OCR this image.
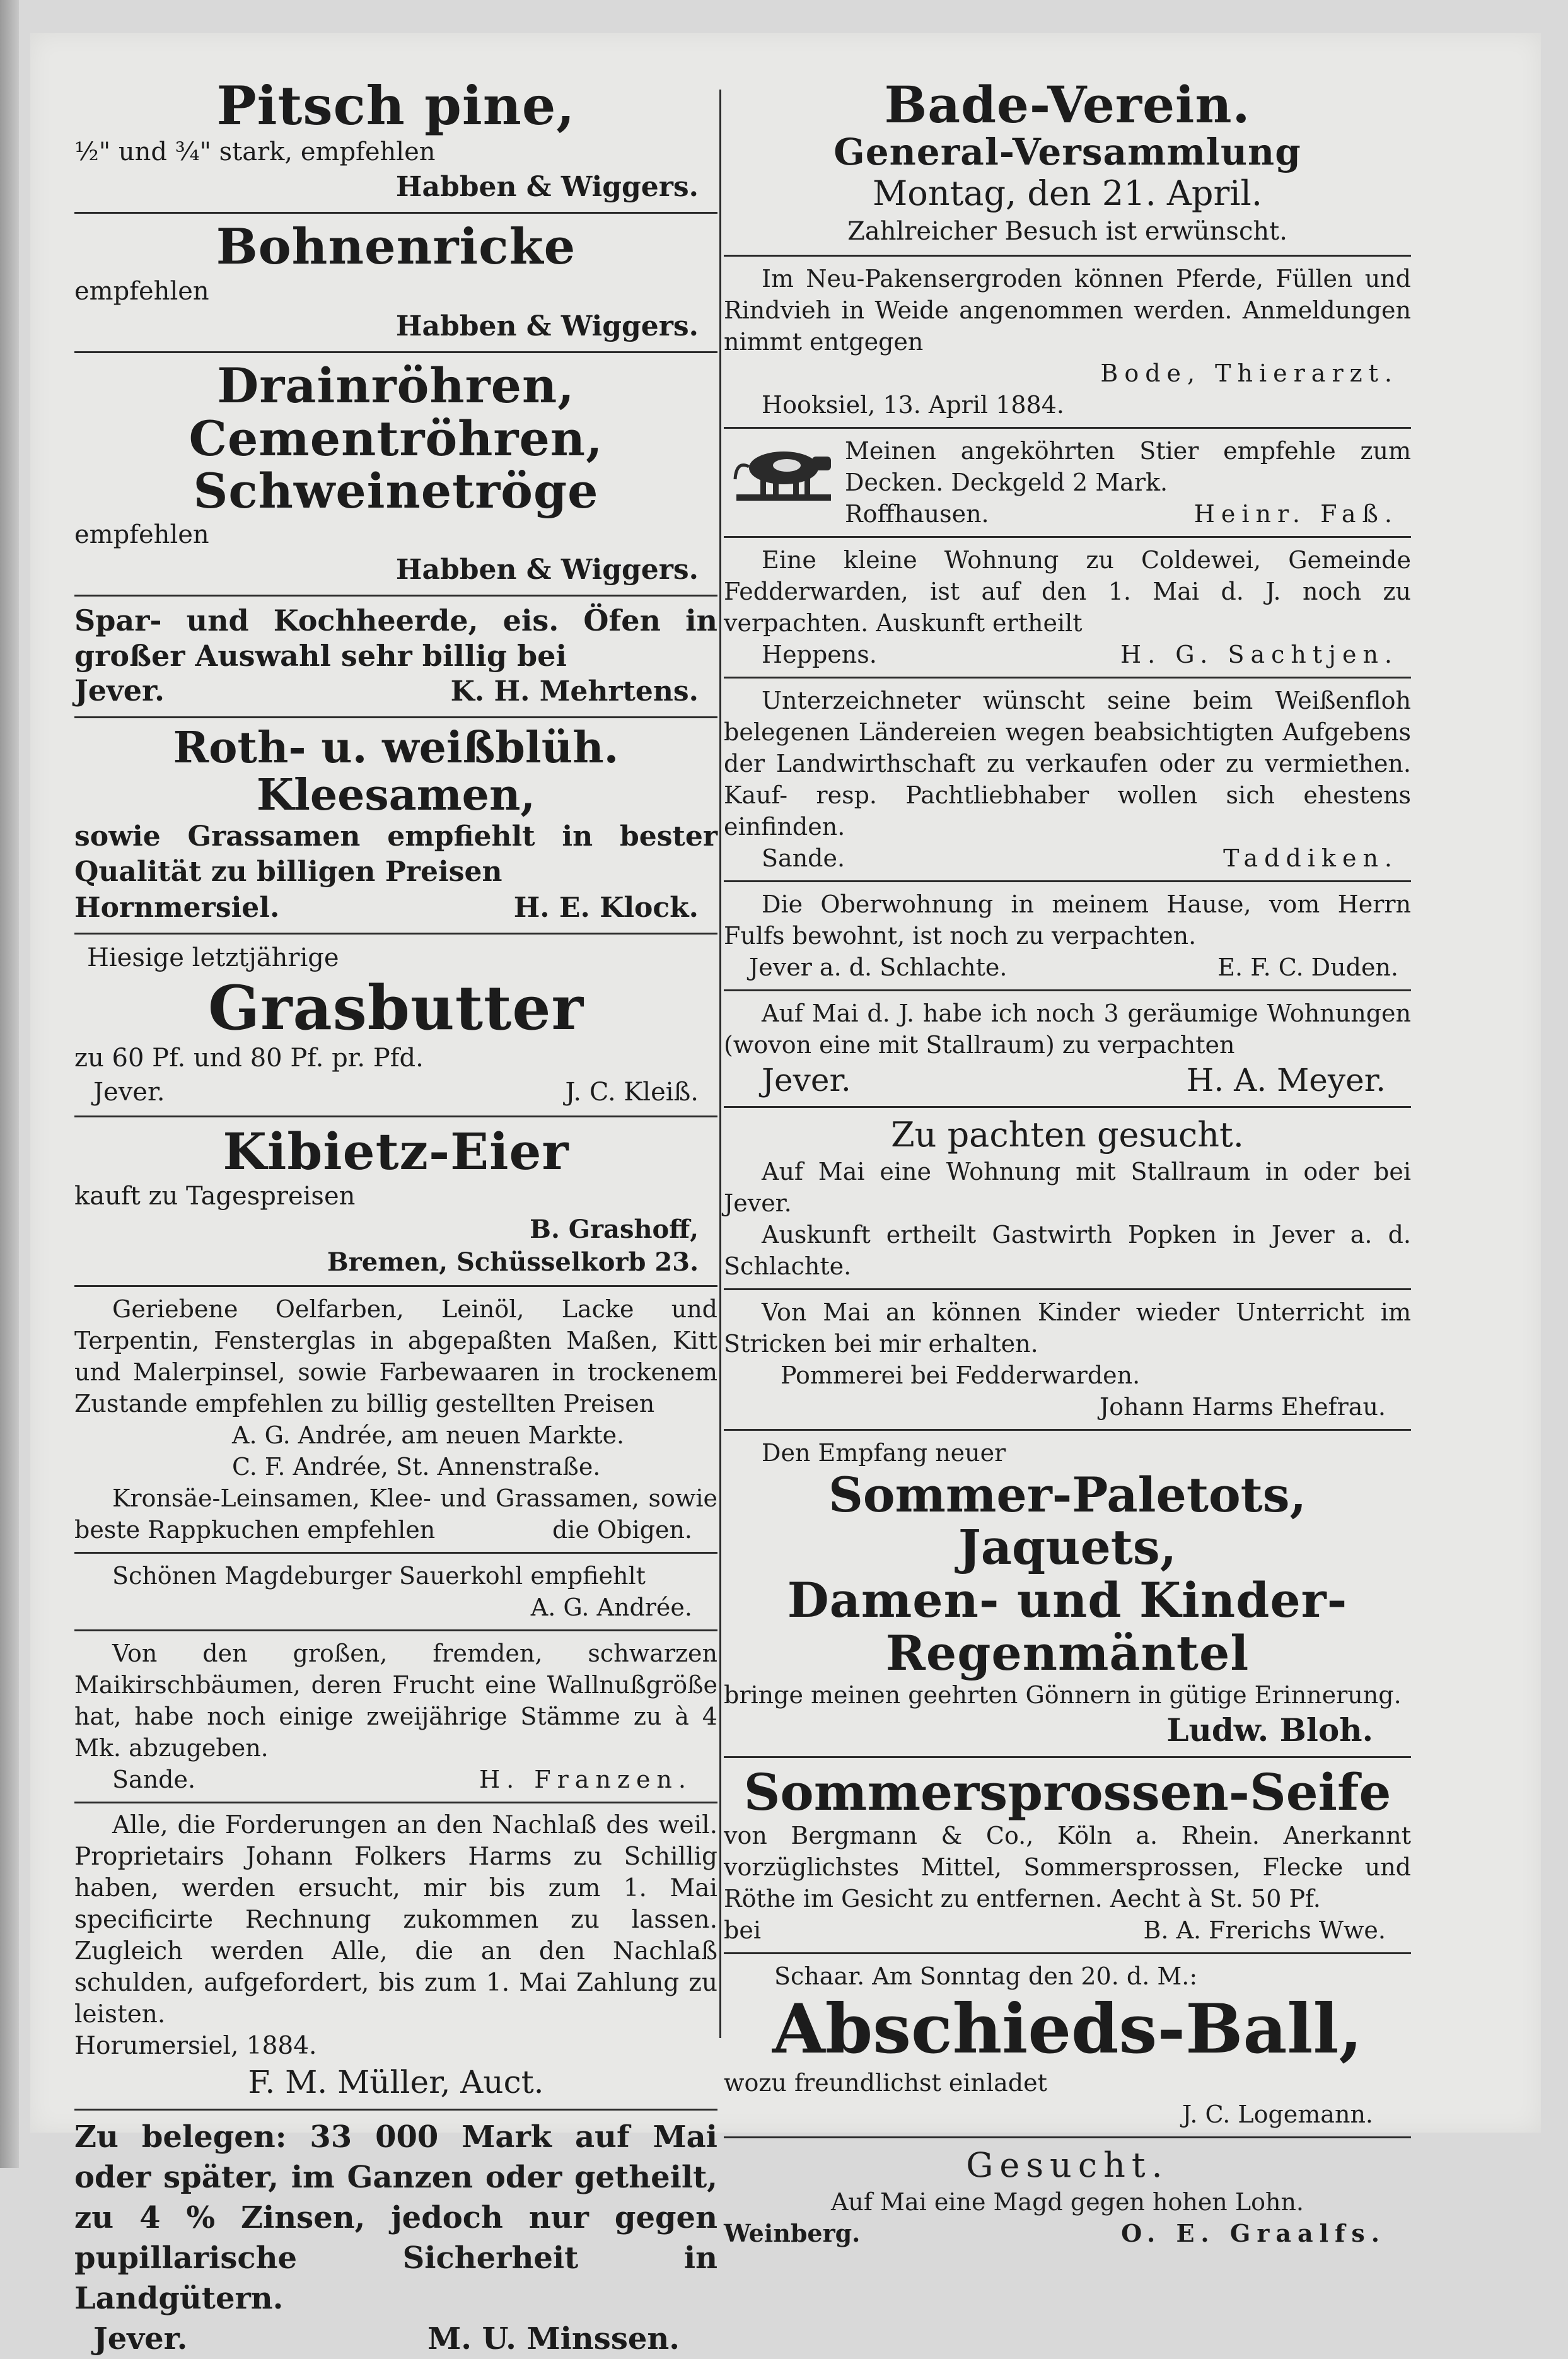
Pitsch pine,
½" und ¾" stark, empfehlen
Habben & Wiggers.
Bohnenricke
empfehlen
Habben & Wiggers.
Drainröhren, Cementröhren,
Schweinetröge
empfehlen
Habben & Wiggers.
Spar- und Kochheerde, eis. Öfen in großer Auswahl sehr billig bei
Jever.	K. H. Mehrtens.
Roth- u. weißblüh. Kleesamen,
sowie Grassamen empfiehlt in bester Qualität zu billigen Preisen
Hornmersiel.	H. E. Klock.
Hiesige letztjährige
Grasbutter
zu 60 Pf. und 80 Pf. pr. Pfd.
Jever.	J. C. Kleiß.
Kibietz-Eier
kauft zu Tagespreisen
B. Grashoff,
Bremen, Schüsselkorb 23.
Geriebene Oelfarben, Leinöl, Lacke und Terpentin, Fensterglas in abgepaßten Maßen, Kitt und Malerpinsel, sowie Farbewaaren in trockenem Zustande empfehlen zu billig gestellten Preisen
A. G. Andrée, am neuen Markte.
C. F. Andrée, St. Annenstraße.
Kronsäe-Leinsamen, Klee- und Grassamen, sowie beste Rappkuchen empfehlen	die Obigen.
Schönen Magdeburger Sauerkohl empfiehlt
A. G. Andrée.
Von den großen, fremden, schwarzen Maikirschbäumen, deren Frucht eine Wallnußgröße hat, habe noch einige zweijährige Stämme zu à 4 Mk. abzugeben.
Sande.	H. Franzen.
Alle, die Forderungen an den Nachlaß des weil. Proprietairs Johann Folkers Harms zu Schillig haben, werden ersucht, mir bis zum 1. Mai specificirte Rechnung zukommen zu lassen. Zugleich werden Alle, die an den Nachlaß schulden, aufgefordert, bis zum 1. Mai Zahlung zu leisten.
Horumersiel, 1884.
F. M. Müller, Auct.
Zu belegen: 33 000 Mark auf Mai oder später, im Ganzen oder getheilt, zu 4 % Zinsen, jedoch nur gegen pupillarische Sicherheit in Landgütern.
Jever.	M. U. Minssen.
Bade-Verein.
General-Versammlung
Montag, den 21. April.
Zahlreicher Besuch ist erwünscht.
Im Neu-Pakensergroden können Pferde, Füllen und Rindvieh in Weide angenommen werden. Anmeldungen nimmt entgegen
Bode, Thierarzt.
Hooksiel, 13. April 1884.
Meinen angeköhrten Stier empfehle zum Decken. Deckgeld 2 Mark.
Roffhausen.	Heinr. Faß.
Eine kleine Wohnung zu Coldewei, Gemeinde Fedderwarden, ist auf den 1. Mai d. J. noch zu verpachten. Auskunft ertheilt
Heppens.	H. G. Sachtjen.
Unterzeichneter wünscht seine beim Weißenfloh belegenen Ländereien wegen beabsichtigten Aufgebens der Landwirthschaft zu verkaufen oder zu vermiethen. Kauf- resp. Pachtliebhaber wollen sich ehestens einfinden.
Sande.	Taddiken.
Die Oberwohnung in meinem Hause, vom Herrn Fulfs bewohnt, ist noch zu verpachten.
Jever a. d. Schlachte.	E. F. C. Duden.
Auf Mai d. J. habe ich noch 3 geräumige Wohnungen (wovon eine mit Stallraum) zu verpachten
Jever.	H. A. Meyer.
Zu pachten gesucht.
Auf Mai eine Wohnung mit Stallraum in oder bei Jever.
Auskunft ertheilt Gastwirth Popken in Jever a. d. Schlachte.
Von Mai an können Kinder wieder Unterricht im Stricken bei mir erhalten.
Pommerei bei Fedderwarden.
Johann Harms Ehefrau.
Den Empfang neuer
Sommer-Paletots, Jaquets,
Damen- und Kinder-
Regenmäntel
bringe meinen geehrten Gönnern in gütige Erinnerung.
Ludw. Bloh.
Sommersprossen-Seife
von Bergmann & Co., Köln a. Rhein. Anerkannt vorzüglichstes Mittel, Sommersprossen, Flecke und Röthe im Gesicht zu entfernen. Aecht à St. 50 Pf.
bei	B. A. Frerichs Wwe.
Schaar. Am Sonntag den 20. d. M.:
Abschieds-Ball,
wozu freundlichst einladet
J. C. Logemann.
Gesucht.
Auf Mai eine Magd gegen hohen Lohn.
Weinberg.	O. E. Graalfs.
